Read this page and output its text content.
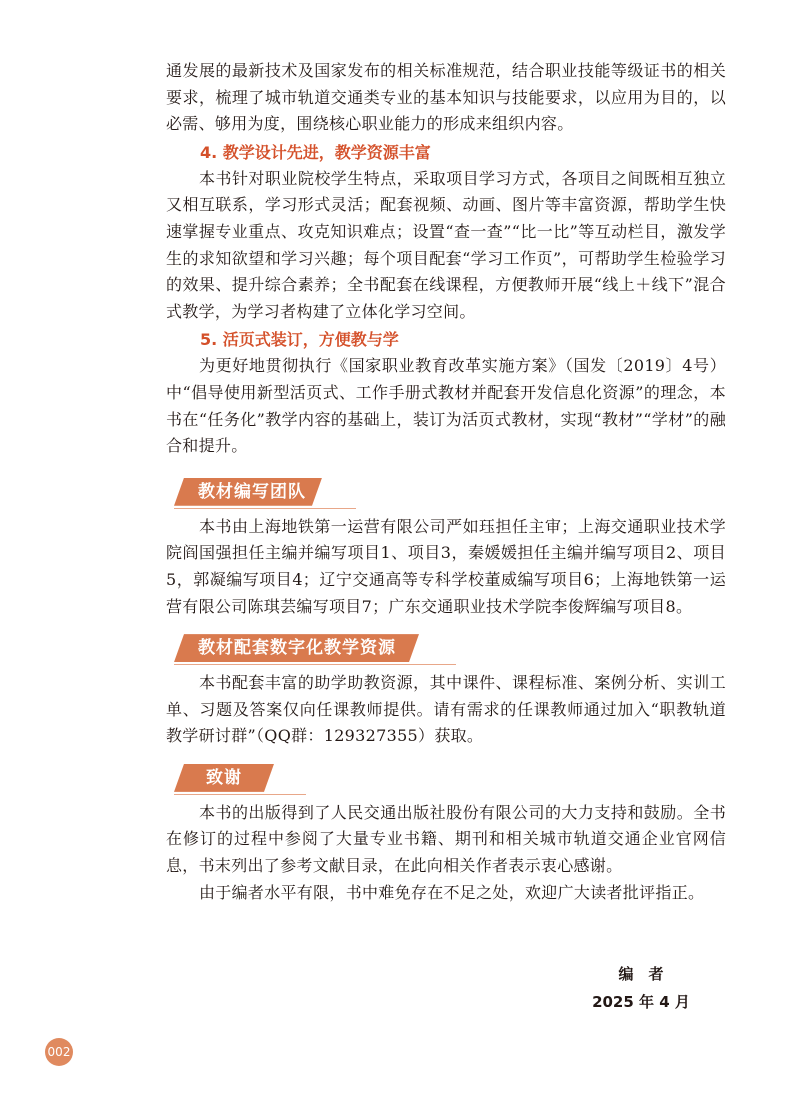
通发展的最新技术及国家发布的相关标准规范，结合职业技能等级证书的相关要求，梳理了城市轨道交通类专业的基本知识与技能要求，以应用为目的，以必需、够用为度，围绕核心职业能力的形成来组织内容。

4. 教学设计先进，教学资源丰富

本书针对职业院校学生特点，采取项目学习方式，各项目之间既相互独立又相互联系，学习形式灵活；配套视频、动画、图片等丰富资源，帮助学生快速掌握专业重点、攻克知识难点；设置“查一查”“比一比”等互动栏目，激发学生的求知欲望和学习兴趣；每个项目配套“学习工作页”，可帮助学生检验学习的效果、提升综合素养；全书配套在线课程，方便教师开展“线上＋线下”混合式教学，为学习者构建了立体化学习空间。

5. 活页式装订，方便教与学

为更好地贯彻执行《国家职业教育改革实施方案》（国发〔2019〕4号）中“倡导使用新型活页式、工作手册式教材并配套开发信息化资源”的理念，本书在“任务化”教学内容的基础上，装订为活页式教材，实现“教材”“学材”的融合和提升。

教材编写团队

本书由上海地铁第一运营有限公司严如珏担任主审；上海交通职业技术学院阎国强担任主编并编写项目1、项目3，秦媛媛担任主编并编写项目2、项目5，郭凝编写项目4；辽宁交通高等专科学校董威编写项目6；上海地铁第一运营有限公司陈琪芸编写项目7；广东交通职业技术学院李俊辉编写项目8。

教材配套数字化教学资源

本书配套丰富的助学助教资源，其中课件、课程标准、案例分析、实训工单、习题及答案仅向任课教师提供。请有需求的任课教师通过加入“职教轨道教学研讨群”（QQ群：129327355）获取。

致谢

本书的出版得到了人民交通出版社股份有限公司的大力支持和鼓励。全书在修订的过程中参阅了大量专业书籍、期刊和相关城市轨道交通企业官网信息，书末列出了参考文献目录，在此向相关作者表示衷心感谢。

由于编者水平有限，书中难免存在不足之处，欢迎广大读者批评指正。

编　者
2025 年 4 月
002
